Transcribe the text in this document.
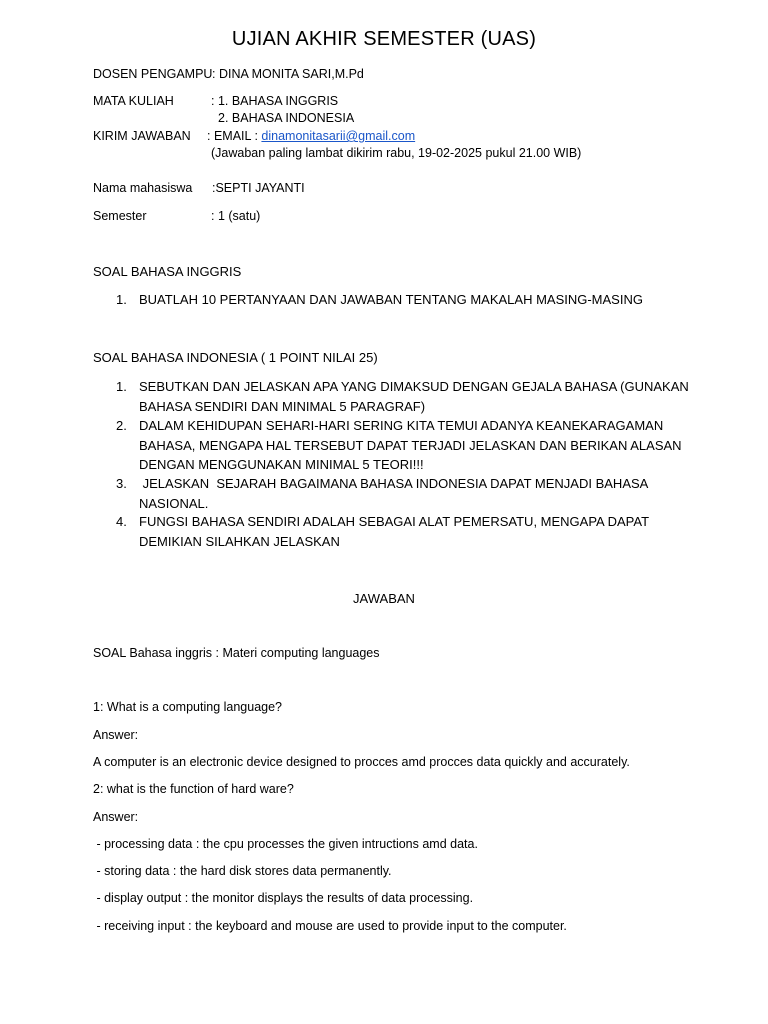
UJIAN AKHIR SEMESTER (UAS)
DOSEN PENGAMPU : DINA MONITA SARI,M.Pd
MATA KULIAH	: 1. BAHASA INGGRIS
2. BAHASA INDONESIA
KIRIM JAWABAN : EMAIL : dinamonitasarii@gmail.com
(Jawaban paling lambat dikirim rabu, 19-02-2025 pukul 21.00 WIB)
Nama mahasiswa :SEPTI JAYANTI
Semester	: 1 (satu)
SOAL BAHASA INGGRIS
1. BUATLAH 10 PERTANYAAN DAN JAWABAN TENTANG MAKALAH MASING-MASING
SOAL BAHASA INDONESIA ( 1 POINT NILAI 25)
1. SEBUTKAN DAN JELASKAN APA YANG DIMAKSUD DENGAN GEJALA BAHASA (GUNAKAN BAHASA SENDIRI DAN MINIMAL 5 PARAGRAF)
2. DALAM KEHIDUPAN SEHARI-HARI SERING KITA TEMUI ADANYA KEANEKARAGAMAN BAHASA, MENGAPA HAL TERSEBUT DAPAT TERJADI JELASKAN DAN BERIKAN ALASAN DENGAN MENGGUNAKAN MINIMAL 5 TEORI!!!
3. JELASKAN  SEJARAH BAGAIMANA BAHASA INDONESIA DAPAT MENJADI BAHASA NASIONAL.
4. FUNGSI BAHASA SENDIRI ADALAH SEBAGAI ALAT PEMERSATU, MENGAPA DAPAT DEMIKIAN SILAHKAN JELASKAN
JAWABAN
SOAL Bahasa inggris : Materi computing languages
1: What is a computing language?
Answer:
A computer is an electronic device designed to procces amd procces data quickly and accurately.
2: what is the function of hard ware?
Answer:
- processing data : the cpu processes the given intructions amd data.
- storing data : the hard disk stores data permanently.
- display output : the monitor displays the results of data processing.
- receiving input : the keyboard and mouse are used to provide input to the computer.
